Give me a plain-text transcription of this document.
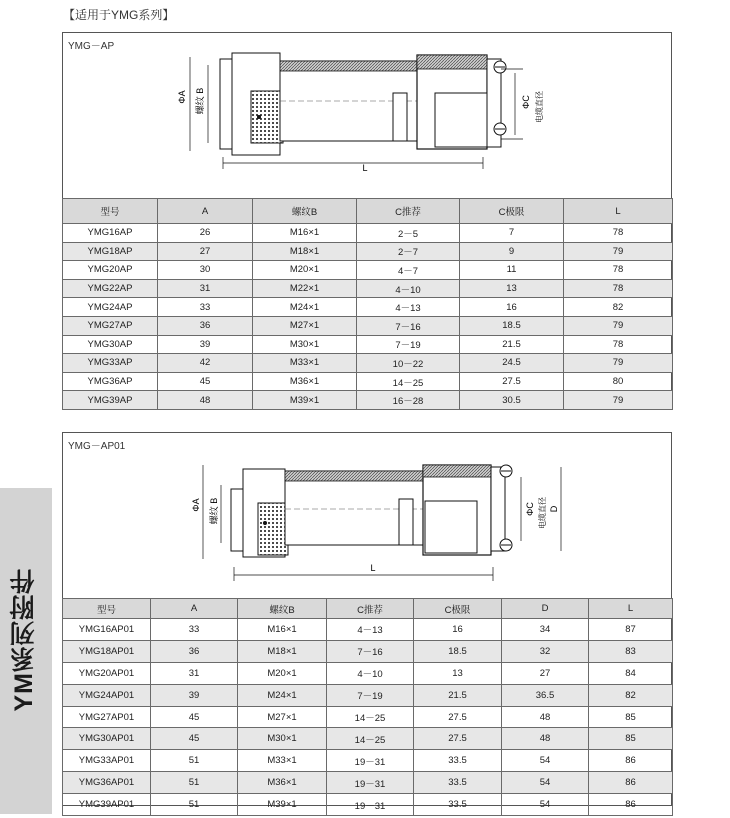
【适用于YMG系列】
YM系列附件
YMG－AP
L
ΦA 螺纹 B	ΦC 电缆直径
型号	A	螺纹B	C推荐	C极限	L
YMG16AP	26	M16×1	2－5	7	78
YMG18AP	27	M18×1	2－7	9	79
YMG20AP	30	M20×1	4－7	11	78
YMG22AP	31	M22×1	4－10	13	78
YMG24AP	33	M24×1	4－13	16	82
YMG27AP	36	M27×1	7－16	18.5	79
YMG30AP	39	M30×1	7－19	21.5	78
YMG33AP	42	M33×1	10－22	24.5	79
YMG36AP	45	M36×1	14－25	27.5	80
YMG39AP	48	M39×1	16－28	30.5	79
YMG－AP01
L
ΦA 螺纹 B	ΦC 电缆直径 D
型号	A	螺纹B	C推荐	C极限	D	L
YMG16AP01	33	M16×1	4－13	16	34	87
YMG18AP01	36	M18×1	7－16	18.5	32	83
YMG20AP01	31	M20×1	4－10	13	27	84
YMG24AP01	39	M24×1	7－19	21.5	36.5	82
YMG27AP01	45	M27×1	14－25	27.5	48	85
YMG30AP01	45	M30×1	14－25	27.5	48	85
YMG33AP01	51	M33×1	19－31	33.5	54	86
YMG36AP01	51	M36×1	19－31	33.5	54	86
YMG39AP01	51	M39×1	19－31	33.5	54	86
